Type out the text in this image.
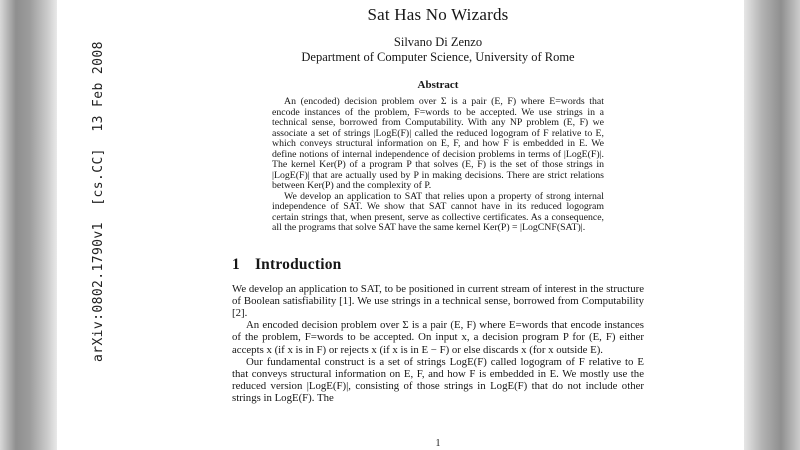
arXiv:0802.1790v1  [cs.CC]  13 Feb 2008
Sat Has No Wizards
Silvano Di Zenzo
Department of Computer Science, University of Rome
Abstract

An (encoded) decision problem over Σ is a pair (E, F) where E=words that encode instances of the problem, F=words to be accepted. We use strings in a technical sense, borrowed from Computability. With any NP problem (E, F) we associate a set of strings |LogE(F)| called the reduced logogram of F relative to E, which conveys structural information on E, F, and how F is embedded in E. We define notions of internal independence of decision problems in terms of |LogE(F)|. The kernel Ker(P) of a program P that solves (E, F) is the set of those strings in |LogE(F)| that are actually used by P in making decisions. There are strict relations between Ker(P) and the complexity of P.

We develop an application to SAT that relies upon a property of strong internal independence of SAT. We show that SAT cannot have in its reduced logogram certain strings that, when present, serve as collective certificates. As a consequence, all the programs that solve SAT have the same kernel Ker(P) = |LogCNF(SAT)|.

1 Introduction

We develop an application to SAT, to be positioned in current stream of interest in the structure of Boolean satisfiability [1]. We use strings in a technical sense, borrowed from Computability [2].

An encoded decision problem over Σ is a pair (E, F) where E=words that encode instances of the problem, F=words to be accepted. On input x, a decision program P for (E, F) either accepts x (if x is in F) or rejects x (if x is in E − F) or else discards x (for x outside E).

Our fundamental construct is a set of strings LogE(F) called logogram of F relative to E that conveys structural information on E, F, and how F is embedded in E. We mostly use the reduced version |LogE(F)|, consisting of those strings in LogE(F) that do not include other strings in LogE(F). The

1
